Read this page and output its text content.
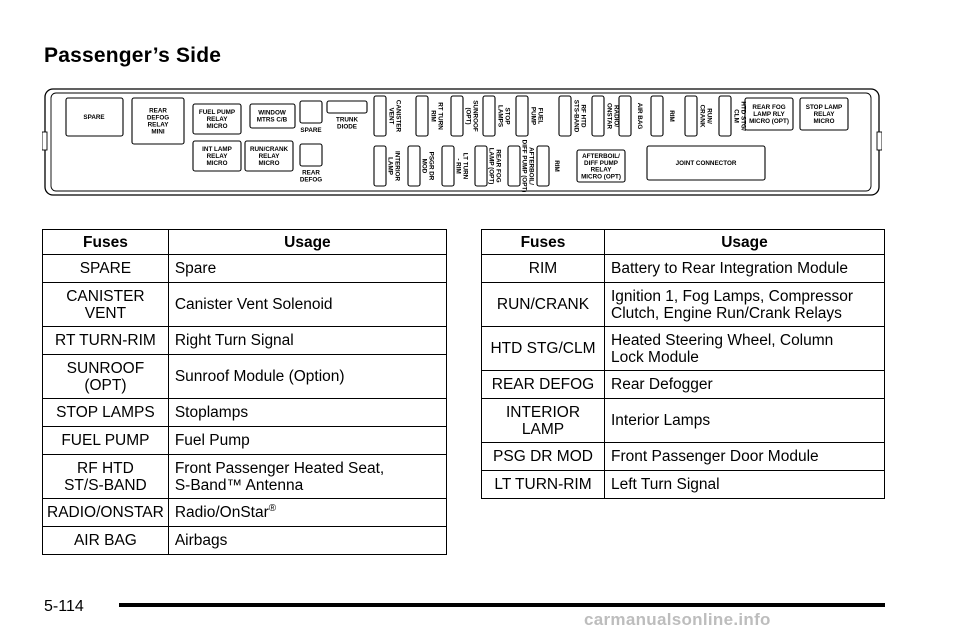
Passenger’s Side
SPARE
REAR DEFOG RELAY MINI
FUEL PUMP RELAY MICRO
WINDOW MTRS C/B
SPARE
TRUNK DIODE
INT LAMP RELAY MICRO
RUN/CRANK RELAY MICRO
REAR DEFOG
CANISTERVENT	RT TURNRIM	SUNROOF(OPT)	STOPLAMPS	FUELPUMP	RF HTDSTS-BAND	RADIO/ONSTAR	AIR BAG	RIM	RUN/CRANK	HTD STG/CLM
REAR FOG LAMP RLY MICRO (OPT)
STOP LAMP RELAY MICRO
INTERIORLAMP	PSGR DRMOD	LT TURN- RIM	REAR FOGLAMP (OPT)	AFTERBOIL/DIFF PUMP (OPT)	RIM
AFTERBOIL/ DIFF PUMP RELAY MICRO (OPT)
JOINT CONNECTOR
Fuses	Usage
SPARE	Spare
CANISTER
VENT	Canister Vent Solenoid
RT TURN-RIM	Right Turn Signal
SUNROOF
(OPT)	Sunroof Module (Option)
STOP LAMPS	Stoplamps
FUEL PUMP	Fuel Pump
RF HTD
ST/S-BAND	Front Passenger Heated Seat,
S-Band™ Antenna
RADIO/ONSTAR	Radio/OnStar®
AIR BAG	Airbags
Fuses	Usage
RIM	Battery to Rear Integration Module
RUN/CRANK	Ignition 1, Fog Lamps, Compressor
Clutch, Engine Run/Crank Relays
HTD STG/CLM	Heated Steering Wheel, Column
Lock Module
REAR DEFOG	Rear Defogger
INTERIOR
LAMP	Interior Lamps
PSG DR MOD	Front Passenger Door Module
LT TURN-RIM	Left Turn Signal
5-114
carmanualsonline.info
